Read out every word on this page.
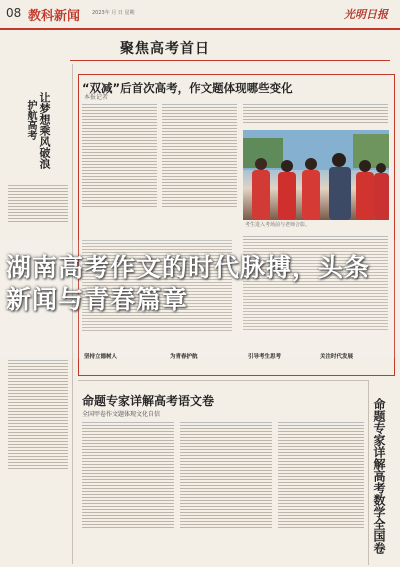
08 教科新闻 2023年 月 日 星期	光明日报
聚焦高考首日
让梦想乘风破浪
护航高考
“双减”后首次高考，作文题体现哪些变化
本报记者
考生进入考场前与老师合影。
湖南高考作文的时代脉搏，头条新闻与青春篇章
坚持立德树人	为青春护航	引导考生思考	关注时代发展
命题专家详解高考语文卷
全国甲卷作文题体现文化自信	命题专家详解高考数学全国卷
